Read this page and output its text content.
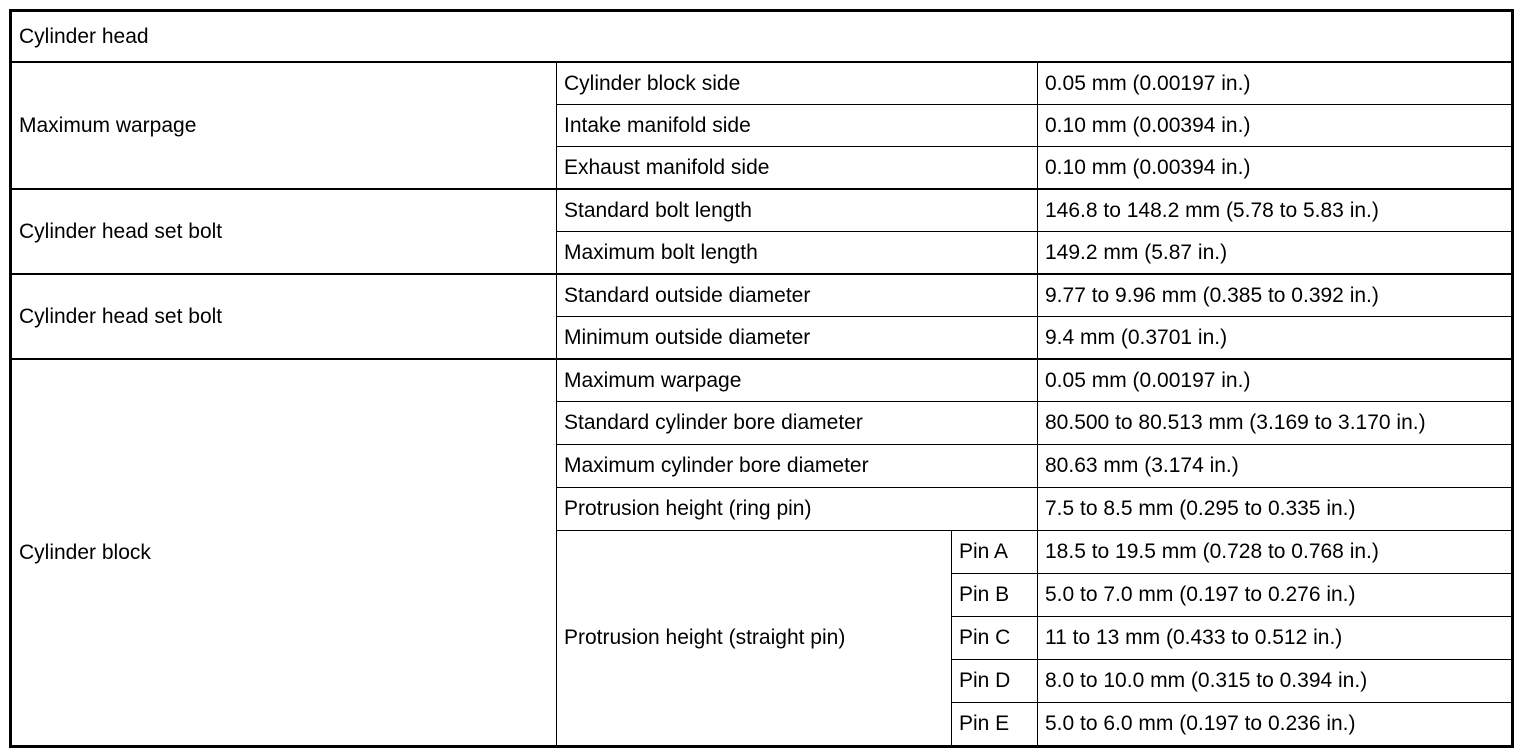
Cylinder head			
Maximum warpage	Cylinder block side		0.05 mm (0.00197 in.)
	Intake manifold side		0.10 mm (0.00394 in.)
	Exhaust manifold side		0.10 mm (0.00394 in.)
Cylinder head set bolt	Standard bolt length		146.8 to 148.2 mm (5.78 to 5.83 in.)
	Maximum bolt length		149.2 mm (5.87 in.)
Cylinder head set bolt	Standard outside diameter		9.77 to 9.96 mm (0.385 to 0.392 in.)
	Minimum outside diameter		9.4 mm (0.3701 in.)
Cylinder block	Maximum warpage		0.05 mm (0.00197 in.)
	Standard cylinder bore diameter		80.500 to 80.513 mm (3.169 to 3.170 in.)
	Maximum cylinder bore diameter		80.63 mm (3.174 in.)
	Protrusion height (ring pin)		7.5 to 8.5 mm (0.295 to 0.335 in.)
	Protrusion height (straight pin)	Pin A	18.5 to 19.5 mm (0.728 to 0.768 in.)
		Pin B	5.0 to 7.0 mm (0.197 to 0.276 in.)
		Pin C	11 to 13 mm (0.433 to 0.512 in.)
		Pin D	8.0 to 10.0 mm (0.315 to 0.394 in.)
		Pin E	5.0 to 6.0 mm (0.197 to 0.236 in.)
